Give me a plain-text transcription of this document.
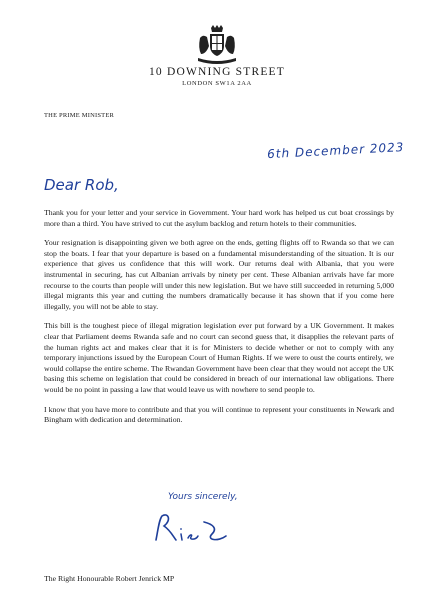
10 DOWNING STREET
LONDON SW1A 2AA
THE PRIME MINISTER
6th December 2023
Dear Rob,

Thank you for your letter and your service in Government. Your hard work has helped us cut boat crossings by more than a third. You have strived to cut the asylum backlog and return hotels to their communities.

Your resignation is disappointing given we both agree on the ends, getting flights off to Rwanda so that we can stop the boats. I fear that your departure is based on a fundamental misunderstanding of the situation. It is our experience that gives us confidence that this will work. Our returns deal with Albania, that you were instrumental in securing, has cut Albanian arrivals by ninety per cent. These Albanian arrivals have far more recourse to the courts than people will under this new legislation. But we have still succeeded in returning 5,000 illegal migrants this year and cutting the numbers dramatically because it has shown that if you come here illegally, you will not be able to stay.

This bill is the toughest piece of illegal migration legislation ever put forward by a UK Government. It makes clear that Parliament deems Rwanda safe and no court can second guess that, it disapplies the relevant parts of the human rights act and makes clear that it is for Ministers to decide whether or not to comply with any temporary injunctions issued by the European Court of Human Rights. If we were to oust the courts entirely, we would collapse the entire scheme. The Rwandan Government have been clear that they would not accept the UK basing this scheme on legislation that could be considered in breach of our international law obligations. There would be no point in passing a law that would leave us with nowhere to send people to.

I know that you have more to contribute and that you will continue to represent your constituents in Newark and Bingham with dedication and determination.

Yours sincerely,
The Right Honourable Robert Jenrick MP
